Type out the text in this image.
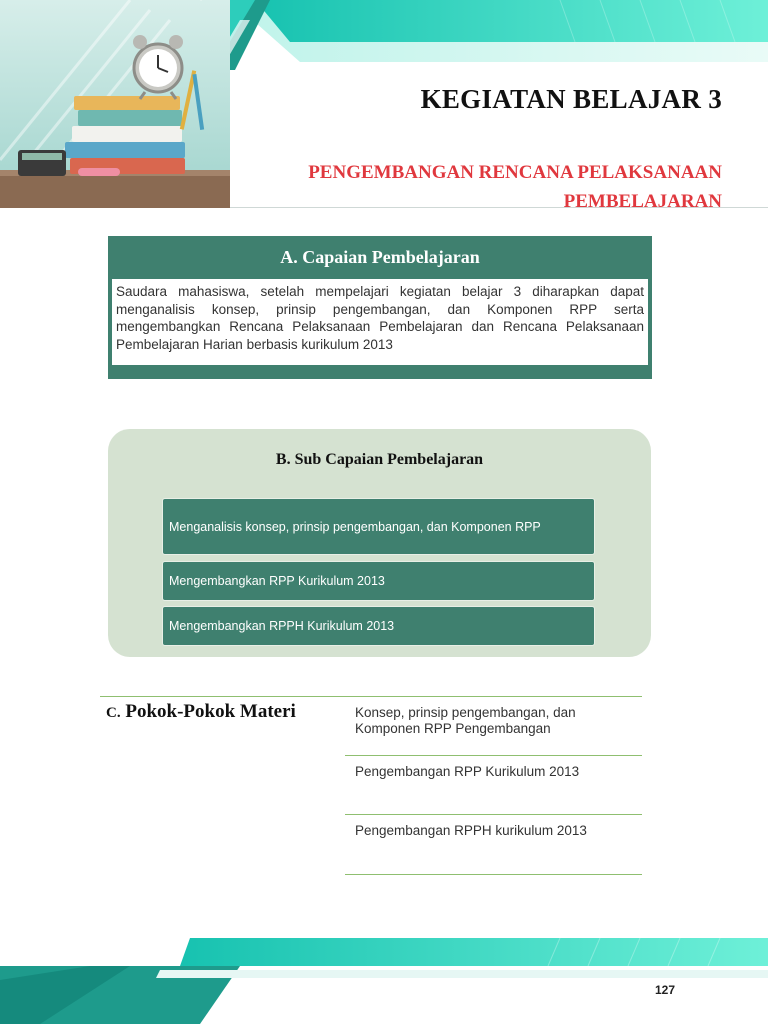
KEGIATAN BELAJAR 3
PENGEMBANGAN RENCANA PELAKSANAAN
PEMBELAJARAN
A. Capaian Pembelajaran
Saudara mahasiswa, setelah mempelajari kegiatan belajar 3 diharapkan dapat menganalisis konsep, prinsip pengembangan, dan Komponen RPP serta mengembangkan Rencana Pelaksanaan Pembelajaran dan Rencana Pelaksanaan Pembelajaran Harian berbasis kurikulum 2013
B. Sub Capaian Pembelajaran
Menganalisis konsep, prinsip pengembangan, dan Komponen RPP
Mengembangkan RPP Kurikulum 2013
Mengembangkan RPPH Kurikulum 2013
C. Pokok-Pokok Materi	Konsep, prinsip pengembangan, dan Komponen RPP Pengembangan
Pengembangan RPP Kurikulum 2013
Pengembangan RPPH kurikulum 2013
127
